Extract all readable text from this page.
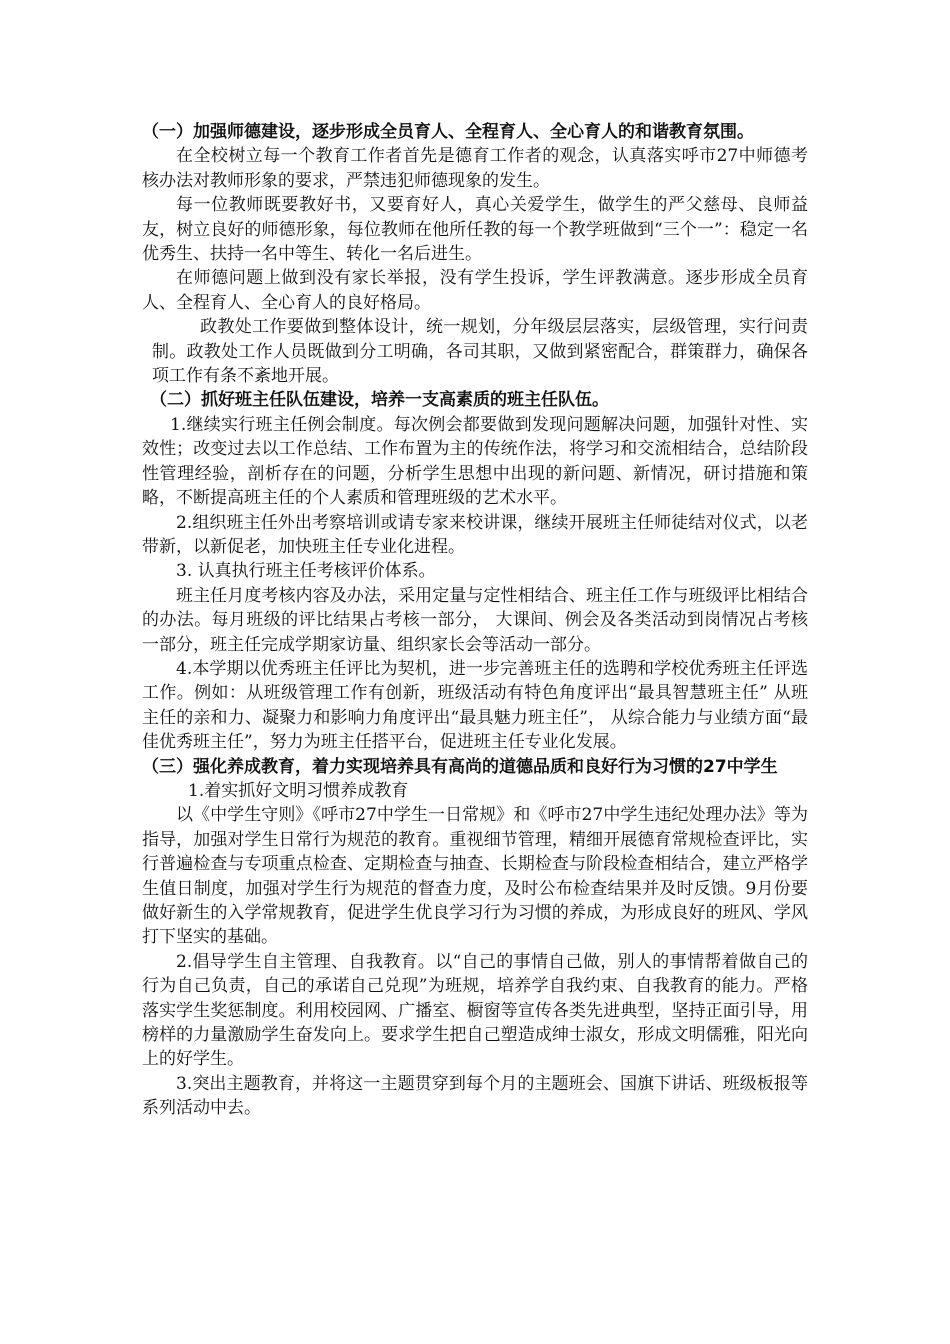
（一）加强师德建设，逐步形成全员育人、全程育人、全心育人的和谐教育氛围。

在全校树立每一个教育工作者首先是德育工作者的观念，认真落实呼市27中师德考核办法对教师形象的要求，严禁违犯师德现象的发生。

每一位教师既要教好书，又要育好人，真心关爱学生，做学生的严父慈母、良师益友，树立良好的师德形象，每位教师在他所任教的每一个教学班做到“三个一”：稳定一名优秀生、扶持一名中等生、转化一名后进生。

在师德问题上做到没有家长举报，没有学生投诉，学生评教满意。逐步形成全员育人、全程育人、全心育人的良好格局。

政教处工作要做到整体设计，统一规划，分年级层层落实，层级管理，实行问责制。政教处工作人员既做到分工明确，各司其职，又做到紧密配合，群策群力，确保各项工作有条不紊地开展。

（二）抓好班主任队伍建设，培养一支高素质的班主任队伍。

1.继续实行班主任例会制度。每次例会都要做到发现问题解决问题，加强针对性、实效性；改变过去以工作总结、工作布置为主的传统作法，将学习和交流相结合，总结阶段性管理经验，剖析存在的问题，分析学生思想中出现的新问题、新情况，研讨措施和策略，不断提高班主任的个人素质和管理班级的艺术水平。

2.组织班主任外出考察培训或请专家来校讲课，继续开展班主任师徒结对仪式，以老带新，以新促老，加快班主任专业化进程。

3. 认真执行班主任考核评价体系。

班主任月度考核内容及办法，采用定量与定性相结合、班主任工作与班级评比相结合的办法。每月班级的评比结果占考核一部分， 大课间、例会及各类活动到岗情况占考核一部分，班主任完成学期家访量、组织家长会等活动一部分。

4.本学期以优秀班主任评比为契机，进一步完善班主任的选聘和学校优秀班主任评选工作。例如：从班级管理工作有创新，班级活动有特色角度评出“最具智慧班主任” 从班主任的亲和力、凝聚力和影响力角度评出“最具魅力班主任”， 从综合能力与业绩方面“最佳优秀班主任”，努力为班主任搭平台，促进班主任专业化发展。

（三）强化养成教育，着力实现培养具有高尚的道德品质和良好行为习惯的27中学生

1.着实抓好文明习惯养成教育

以《中学生守则》《呼市27中学生一日常规》和《呼市27中学生违纪处理办法》等为指导，加强对学生日常行为规范的教育。重视细节管理，精细开展德育常规检查评比，实行普遍检查与专项重点检查、定期检查与抽查、长期检查与阶段检查相结合，建立严格学生值日制度，加强对学生行为规范的督查力度，及时公布检查结果并及时反馈。9月份要做好新生的入学常规教育，促进学生优良学习行为习惯的养成，为形成良好的班风、学风打下坚实的基础。

2.倡导学生自主管理、自我教育。以“自己的事情自己做，别人的事情帮着做自己的行为自己负责，自己的承诺自己兑现”为班规，培养学自我约束、自我教育的能力。严格落实学生奖惩制度。利用校园网、广播室、橱窗等宣传各类先进典型，坚持正面引导，用榜样的力量激励学生奋发向上。要求学生把自己塑造成绅士淑女，形成文明儒雅，阳光向上的好学生。

3.突出主题教育，并将这一主题贯穿到每个月的主题班会、国旗下讲话、班级板报等系列活动中去。
